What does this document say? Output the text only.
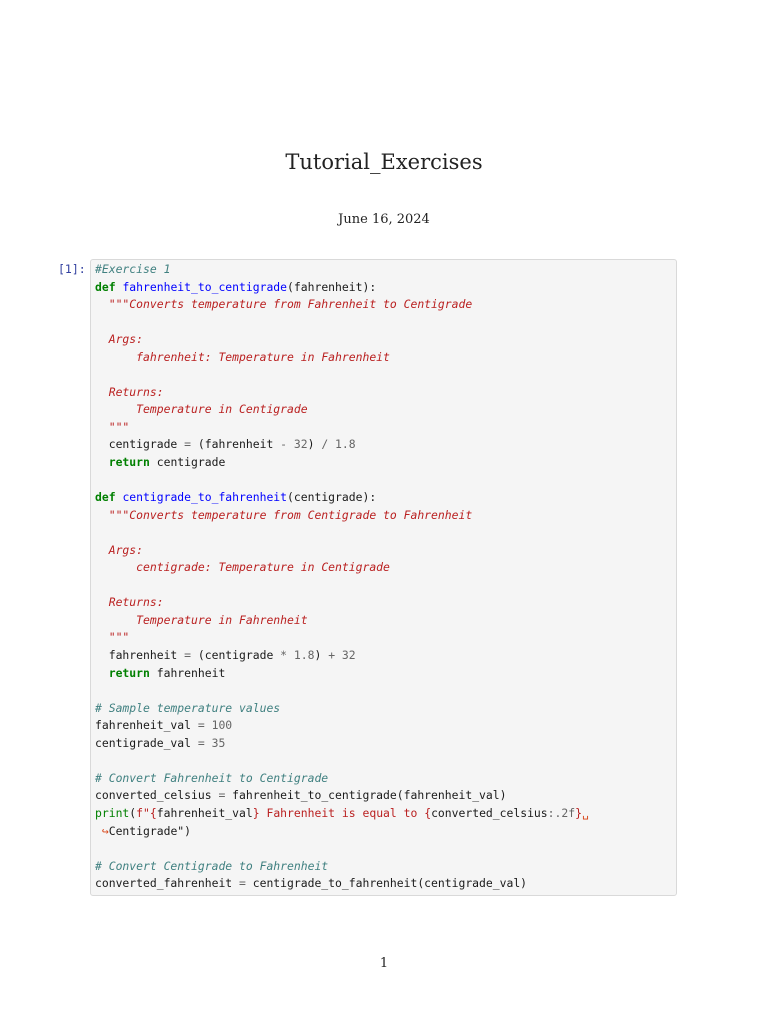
Tutorial_Exercises
June 16, 2024
[1]: #Exercise 1
def fahrenheit_to_centigrade(fahrenheit):
"""Converts temperature from Fahrenheit to Centigrade
Args:
fahrenheit: Temperature in Fahrenheit
Returns:
Temperature in Centigrade
"""
centigrade = (fahrenheit - 32) / 1.8
return centigrade
def centigrade_to_fahrenheit(centigrade):
"""Converts temperature from Centigrade to Fahrenheit
Args:
centigrade: Temperature in Centigrade
Returns:
Temperature in Fahrenheit
"""
fahrenheit = (centigrade * 1.8) + 32
return fahrenheit
# Sample temperature values
fahrenheit_val = 100
centigrade_val = 35
# Convert Fahrenheit to Centigrade
converted_celsius = fahrenheit_to_centigrade(fahrenheit_val)
print(f"{fahrenheit_val} Fahrenheit is equal to {converted_celsius:.2f}␣
↪Centigrade")
# Convert Centigrade to Fahrenheit
converted_fahrenheit = centigrade_to_fahrenheit(centigrade_val)
1
